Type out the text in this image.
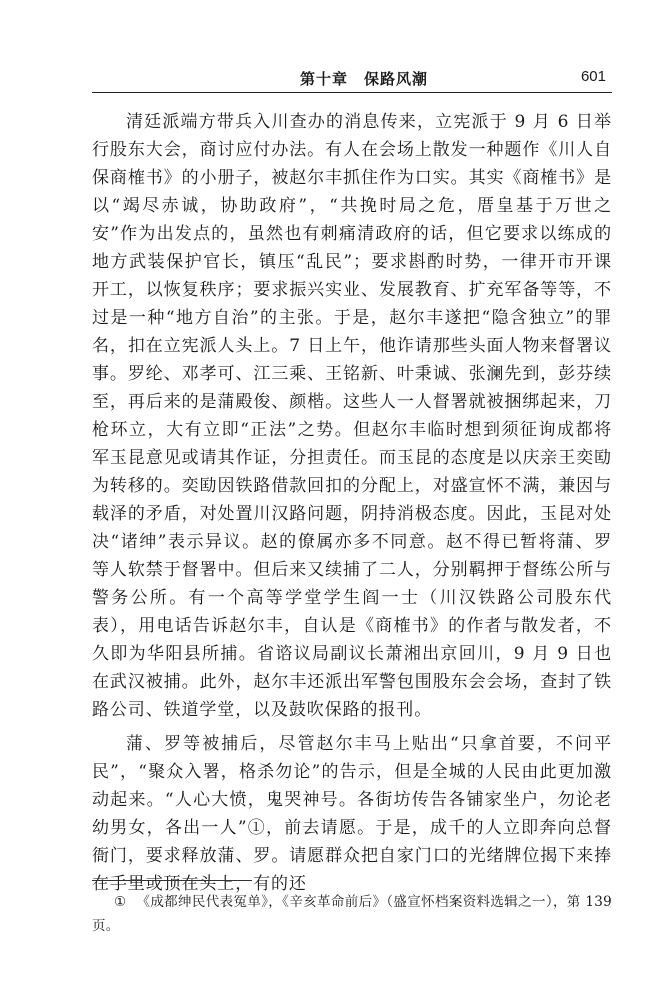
第十章　保路风潮	601

清廷派端方带兵入川查办的消息传来，立宪派于 9 月 6 日举行股东大会，商讨应付办法。有人在会场上散发一种题作《川人自保商榷书》的小册子，被赵尔丰抓住作为口实。其实《商榷书》是以“竭尽赤诚，协助政府”，“共挽时局之危，厝皇基于万世之安”作为出发点的，虽然也有刺痛清政府的话，但它要求以练成的地方武装保护官长，镇压“乱民”；要求斟酌时势，一律开市开课开工，以恢复秩序；要求振兴实业、发展教育、扩充军备等等，不过是一种“地方自治”的主张。于是，赵尔丰遂把“隐含独立”的罪名，扣在立宪派人头上。7 日上午，他诈请那些头面人物来督署议事。罗纶、邓孝可、江三乘、王铭新、叶秉诚、张澜先到，彭芬续至，再后来的是蒲殿俊、颜楷。这些人一人督署就被捆绑起来，刀枪环立，大有立即“正法”之势。但赵尔丰临时想到须征询成都将军玉昆意见或请其作证，分担责任。而玉昆的态度是以庆亲王奕劻为转移的。奕劻因铁路借款回扣的分配上，对盛宣怀不满，兼因与载泽的矛盾，对处置川汉路问题，阴持消极态度。因此，玉昆对处决“诸绅”表示异议。赵的僚属亦多不同意。赵不得已暂将蒲、罗等人软禁于督署中。但后来又续捕了二人，分别羁押于督练公所与警务公所。有一个高等学堂学生阎一士（川汉铁路公司股东代表），用电话告诉赵尔丰，自认是《商榷书》的作者与散发者，不久即为华阳县所捕。省谘议局副议长萧湘出京回川，9 月 9 日也在武汉被捕。此外，赵尔丰还派出军警包围股东会会场，查封了铁路公司、铁道学堂，以及鼓吹保路的报刊。

蒲、罗等被捕后，尽管赵尔丰马上贴出“只拿首要，不问平民”，“聚众入署，格杀勿论”的告示，但是全城的人民由此更加激动起来。“人心大愤，鬼哭神号。各街坊传告各铺家坐户，勿论老幼男女，各出一人”①，前去请愿。于是，成千的人立即奔向总督衙门，要求释放蒲、罗。请愿群众把自家门口的光绪牌位揭下来捧在手里或顶在头上，有的还

① 《成都绅民代表冤单》，《辛亥革命前后》（盛宣怀档案资料选辑之一），第 139 页。
